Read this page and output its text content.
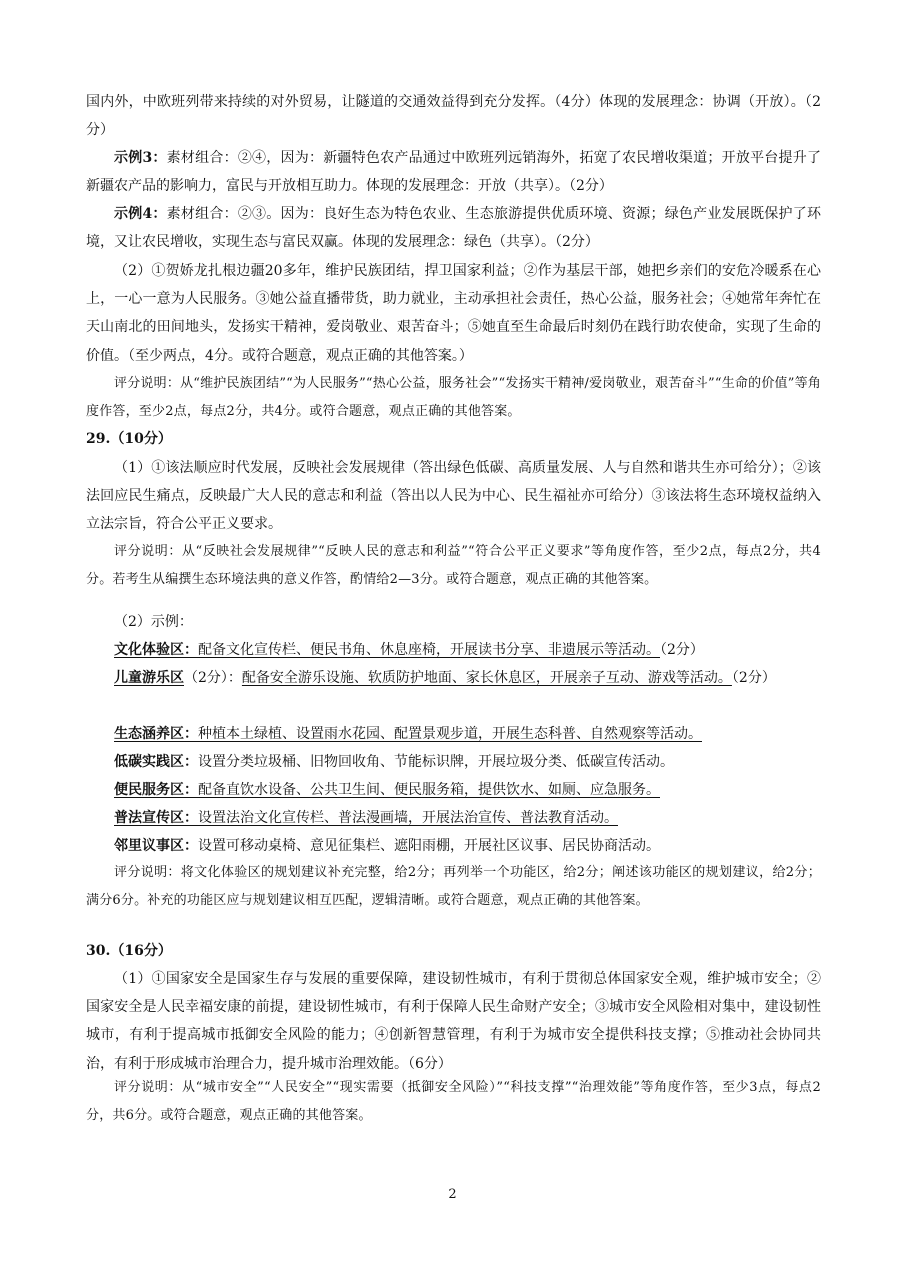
国内外，中欧班列带来持续的对外贸易，让隧道的交通效益得到充分发挥。（4分）体现的发展理念：协调（开放）。（2分）

示例3：素材组合：②④，因为：新疆特色农产品通过中欧班列远销海外，拓宽了农民增收渠道；开放平台提升了新疆农产品的影响力，富民与开放相互助力。体现的发展理念：开放（共享）。（2分）

示例4：素材组合：②③。因为：良好生态为特色农业、生态旅游提供优质环境、资源；绿色产业发展既保护了环境，又让农民增收，实现生态与富民双赢。体现的发展理念：绿色（共享）。（2分）

（2）①贺娇龙扎根边疆20多年，维护民族团结，捍卫国家利益；②作为基层干部，她把乡亲们的安危冷暖系在心上，一心一意为人民服务。③她公益直播带货，助力就业，主动承担社会责任，热心公益，服务社会；④她常年奔忙在天山南北的田间地头，发扬实干精神，爱岗敬业、艰苦奋斗；⑤她直至生命最后时刻仍在践行助农使命，实现了生命的价值。（至少两点，4分。或符合题意，观点正确的其他答案。）

评分说明：从“维护民族团结”“为人民服务”“热心公益，服务社会”“发扬实干精神/爱岗敬业，艰苦奋斗”“生命的价值”等角度作答，至少2点，每点2分，共4分。或符合题意，观点正确的其他答案。

29.（10分）

（1）①该法顺应时代发展，反映社会发展规律（答出绿色低碳、高质量发展、人与自然和谐共生亦可给分）；②该法回应民生痛点，反映最广大人民的意志和利益（答出以人民为中心、民生福祉亦可给分）③该法将生态环境权益纳入立法宗旨，符合公平正义要求。

评分说明：从“反映社会发展规律”“反映人民的意志和利益”“符合公平正义要求”等角度作答，至少2点，每点2分，共4分。若考生从编撰生态环境法典的意义作答，酌情给2—3分。或符合题意，观点正确的其他答案。

（2）示例：

文化体验区：配备文化宣传栏、便民书角、休息座椅，开展读书分享、非遗展示等活动。（2分）

儿童游乐区（2分）：配备安全游乐设施、软质防护地面、家长休息区，开展亲子互动、游戏等活动。（2分）

生态涵养区：种植本土绿植、设置雨水花园、配置景观步道，开展生态科普、自然观察等活动。

低碳实践区：设置分类垃圾桶、旧物回收角、节能标识牌，开展垃圾分类、低碳宣传活动。

便民服务区：配备直饮水设备、公共卫生间、便民服务箱，提供饮水、如厕、应急服务。

普法宣传区：设置法治文化宣传栏、普法漫画墙，开展法治宣传、普法教育活动。

邻里议事区：设置可移动桌椅、意见征集栏、遮阳雨棚，开展社区议事、居民协商活动。

评分说明：将文化体验区的规划建议补充完整，给2分；再列举一个功能区，给2分；阐述该功能区的规划建议，给2分；满分6分。补充的功能区应与规划建议相互匹配，逻辑清晰。或符合题意，观点正确的其他答案。

30.（16分）

（1）①国家安全是国家生存与发展的重要保障，建设韧性城市，有利于贯彻总体国家安全观，维护城市安全；②国家安全是人民幸福安康的前提，建设韧性城市，有利于保障人民生命财产安全；③城市安全风险相对集中，建设韧性城市，有利于提高城市抵御安全风险的能力；④创新智慧管理，有利于为城市安全提供科技支撑；⑤推动社会协同共治，有利于形成城市治理合力，提升城市治理效能。（6分）

评分说明：从“城市安全”“人民安全”“现实需要（抵御安全风险）”“科技支撑”“治理效能”等角度作答，至少3点，每点2分，共6分。或符合题意，观点正确的其他答案。

2
